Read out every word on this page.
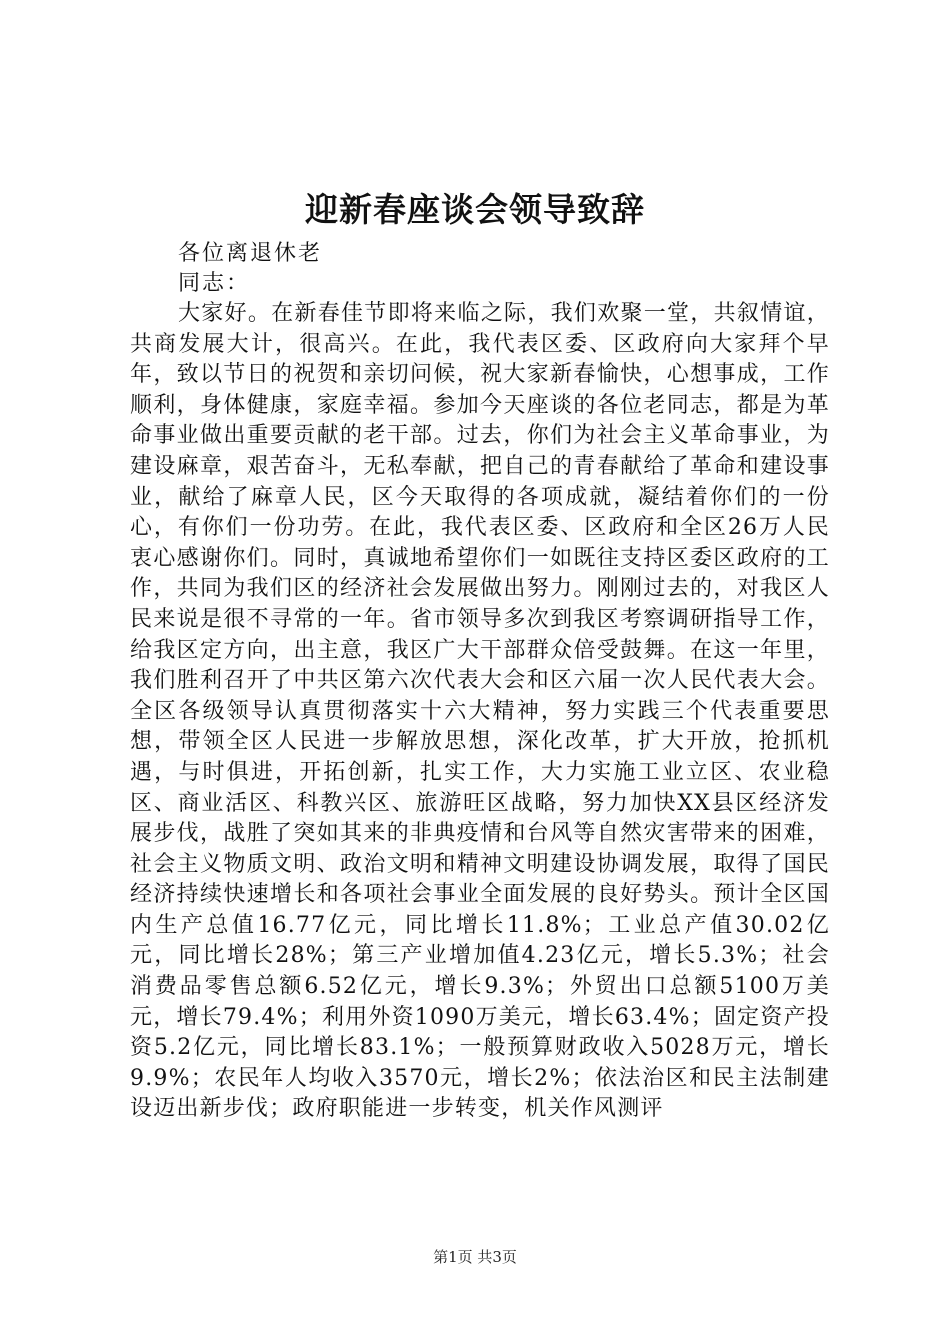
迎新春座谈会领导致辞
各位离退休老
同志：

大家好。在新春佳节即将来临之际，我们欢聚一堂，共叙情谊，共商发展大计，很高兴。在此，我代表区委、区政府向大家拜个早年，致以节日的祝贺和亲切问候，祝大家新春愉快，心想事成，工作顺利，身体健康，家庭幸福。参加今天座谈的各位老同志，都是为革命事业做出重要贡献的老干部。过去，你们为社会主义革命事业，为建设麻章，艰苦奋斗，无私奉献，把自己的青春献给了革命和建设事业，献给了麻章人民，区今天取得的各项成就，凝结着你们的一份心，有你们一份功劳。在此，我代表区委、区政府和全区26万人民衷心感谢你们。同时，真诚地希望你们一如既往支持区委区政府的工作，共同为我们区的经济社会发展做出努力。刚刚过去的，对我区人民来说是很不寻常的一年。省市领导多次到我区考察调研指导工作，给我区定方向，出主意，我区广大干部群众倍受鼓舞。在这一年里，我们胜利召开了中共区第六次代表大会和区六届一次人民代表大会。全区各级领导认真贯彻落实十六大精神，努力实践三个代表重要思想，带领全区人民进一步解放思想，深化改革，扩大开放，抢抓机遇，与时俱进，开拓创新，扎实工作，大力实施工业立区、农业稳区、商业活区、科教兴区、旅游旺区战略，努力加快XX县区经济发展步伐，战胜了突如其来的非典疫情和台风等自然灾害带来的困难，社会主义物质文明、政治文明和精神文明建设协调发展，取得了国民经济持续快速增长和各项社会事业全面发展的良好势头。预计全区国内生产总值16.77亿元，同比增长11.8%；工业总产值30.02亿元，同比增长28%；第三产业增加值4.23亿元，增长5.3%；社会消费品零售总额6.52亿元，增长9.3%；外贸出口总额5100万美元，增长79.4%；利用外资1090万美元，增长63.4%；固定资产投资5.2亿元，同比增长83.1%；一般预算财政收入5028万元，增长9.9%；农民年人均收入3570元，增长2%；依法治区和民主法制建设迈出新步伐；政府职能进一步转变，机关作风测评

第1页 共3页
